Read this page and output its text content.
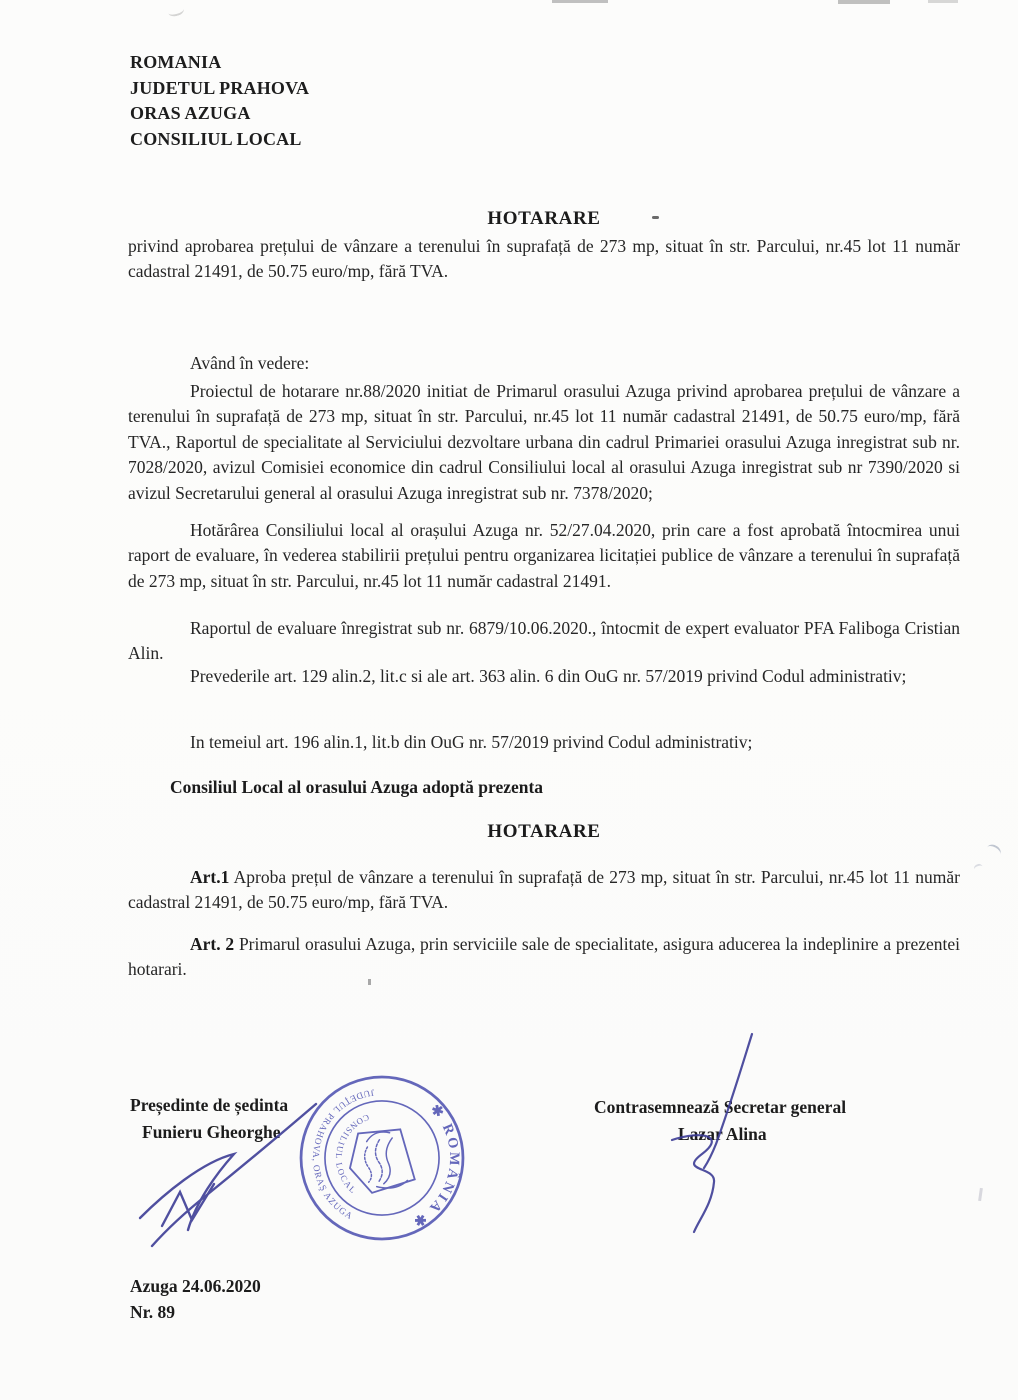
ROMANIA
JUDETUL PRAHOVA
ORAS AZUGA
CONSILIUL LOCAL
HOTARARE
privind aprobarea prețului de vânzare a terenului în suprafață de 273 mp, situat în str. Parcului, nr.45 lot 11 număr cadastral 21491, de 50.75 euro/mp, fără TVA.
Având în vedere:
Proiectul de hotarare nr.88/2020 initiat de Primarul orasului Azuga privind aprobarea prețului de vânzare a terenului în suprafață de 273 mp, situat în str. Parcului, nr.45 lot 11 număr cadastral 21491, de 50.75 euro/mp, fără TVA., Raportul de specialitate al Serviciului dezvoltare urbana din cadrul Primariei orasului Azuga inregistrat sub nr. 7028/2020, avizul Comisiei economice din cadrul Consiliului local al orasului Azuga inregistrat sub nr 7390/2020 si avizul Secretarului general al orasului Azuga inregistrat sub nr. 7378/2020;
Hotărârea Consiliului local al orașului Azuga nr. 52/27.04.2020, prin care a fost aprobată întocmirea unui raport de evaluare, în vederea stabilirii prețului pentru organizarea licitației publice de vânzare a terenului în suprafață de 273 mp, situat în str. Parcului, nr.45 lot 11 număr cadastral 21491.
Raportul de evaluare înregistrat sub nr. 6879/10.06.2020., întocmit de expert evaluator PFA Faliboga Cristian Alin.
Prevederile art. 129 alin.2, lit.c si ale art. 363 alin. 6 din OuG nr. 57/2019 privind Codul administrativ;
In temeiul art. 196 alin.1, lit.b din OuG nr. 57/2019 privind Codul administrativ;
Consiliul Local al orasului Azuga adoptă prezenta
HOTARARE
Art.1 Aproba prețul de vânzare a terenului în suprafață de 273 mp, situat în str. Parcului, nr.45 lot 11 număr cadastral 21491, de 50.75 euro/mp, fără TVA.
Art. 2 Primarul orasului Azuga, prin serviciile sale de specialitate, asigura aducerea la indeplinire a prezentei hotarari.
Președinte de ședinta
Funieru Gheorghe
Contrasemnează Secretar general
Lazar Alina
✱ ROMÂNIA ✱
JUDEŢUL PRAHOVA, ORAŞ AZUGA
CONSILIUL LOCAL
Azuga 24.06.2020
Nr. 89
